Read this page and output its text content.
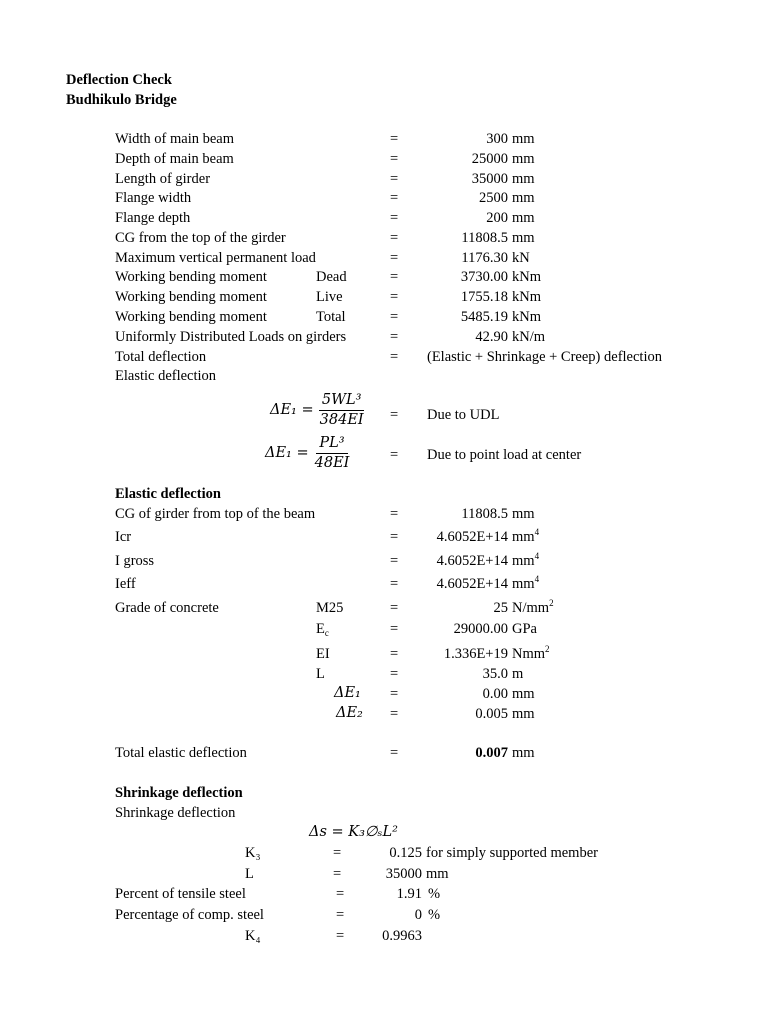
Deflection Check
Budhikulo Bridge
Width of main beam	=	300 mm
Depth of main beam	=	25000 mm
Length of girder	=	35000 mm
Flange width	=	2500 mm
Flange depth	=	200 mm
CG from the top of the girder	=	11808.5 mm
Maximum vertical permanent load	=	1176.30 kN
Working bending moment	Dead	=	3730.00 kNm
Working bending moment	Live	=	1755.18 kNm
Working bending moment	Total	=	5485.19 kNm
Uniformly Distributed Loads on girders	=	42.90 kN/m
Total deflection	= (Elastic + Shrinkage + Creep) deflection
Elastic deflection
$\Delta E_1 = \frac{\text{5WL³}}{384EI}$ = Due to UDL
$\Delta E_1 = \frac{\text{PL³}}{48EI}$	= Due to point load at center
Elastic deflection
CG of girder from top of the beam	=	11808.5 mm
Icr	=	4.6052E+14 $mm^4$
I gross	=	4.6052E+14 $mm^4$
Ieff	=	4.6052E+14 $mm^4$
Grade of concrete	M25	=	25 $N/mm^2$
$E_c$	=	29000.00 GPa
EI	=	1.336E+19 Nmm$^2$
L	=	35.0 m
ΔE₁ =	0.00 mm
ΔE₂ =	0.005 mm
Total elastic deflection	=	0.007 mm
Shrinkage deflection
Shrinkage deflection
Δs = K₃∅ₛL²
K₃	=	0.125 for simply supported member
L	=	35000 mm
Percent of tensile steel	=	1.91 %
Percentage of comp. steel	=	0 %
K₄	=	0.9963
